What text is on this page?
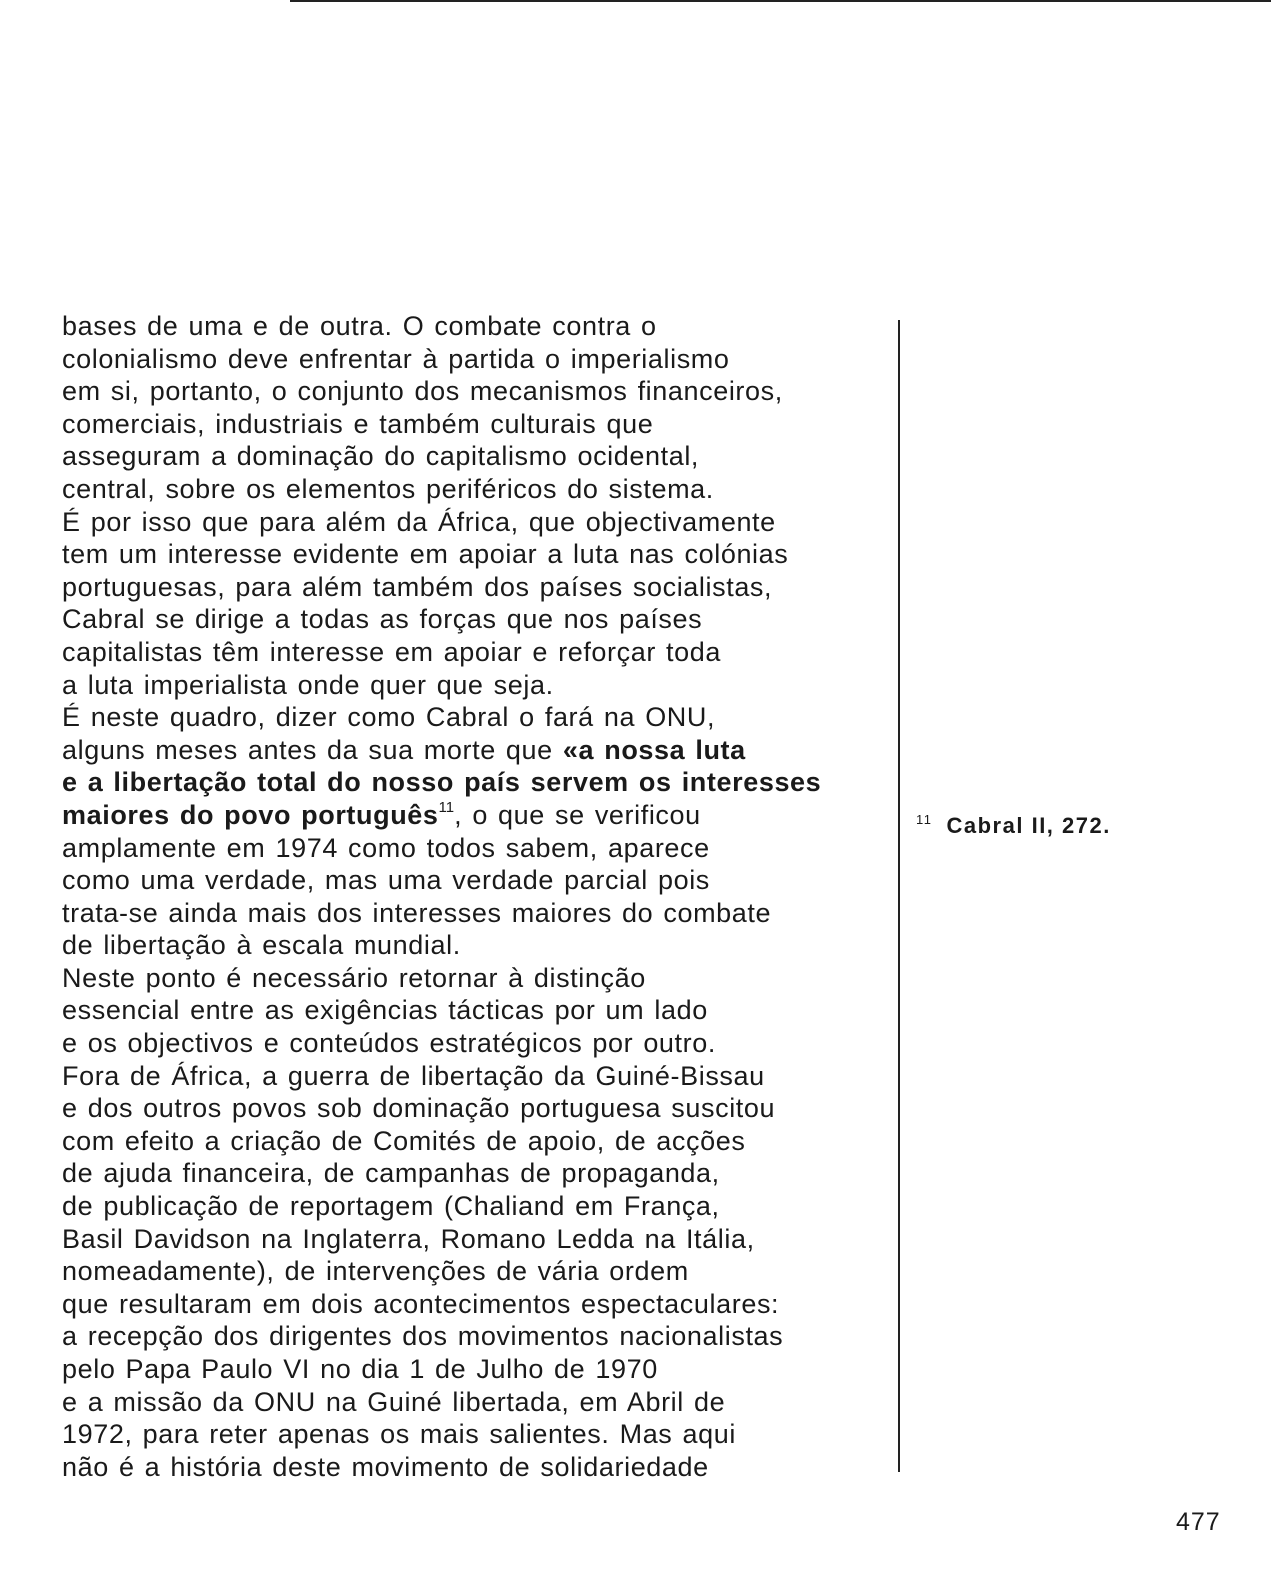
bases de uma e de outra. O combate contra o
colonialismo deve enfrentar à partida o imperialismo
em si, portanto, o conjunto dos mecanismos financeiros,
comerciais, industriais e também culturais que
asseguram a dominação do capitalismo ocidental,
central, sobre os elementos periféricos do sistema.
É por isso que para além da África, que objectivamente
tem um interesse evidente em apoiar a luta nas colónias
portuguesas, para além também dos países socialistas,
Cabral se dirige a todas as forças que nos países
capitalistas têm interesse em apoiar e reforçar toda
a luta imperialista onde quer que seja.
É neste quadro, dizer como Cabral o fará na ONU,
alguns meses antes da sua morte que «a nossa luta
e a libertação total do nosso país servem os interesses
maiores do povo português$^{11}$, o que se verificou
amplamente em 1974 como todos sabem, aparece
como uma verdade, mas uma verdade parcial pois
trata-se ainda mais dos interesses maiores do combate
de libertação à escala mundial.
Neste ponto é necessário retornar à distinção
essencial entre as exigências tácticas por um lado
e os objectivos e conteúdos estratégicos por outro.
Fora de África, a guerra de libertação da Guiné-Bissau
e dos outros povos sob dominação portuguesa suscitou
com efeito a criação de Comités de apoio, de acções
de ajuda financeira, de campanhas de propaganda,
de publicação de reportagem (Chaliand em França,
Basil Davidson na Inglaterra, Romano Ledda na Itália,
nomeadamente), de intervenções de vária ordem
que resultaram em dois acontecimentos espectaculares:
a recepção dos dirigentes dos movimentos nacionalistas
pelo Papa Paulo VI no dia 1 de Julho de 1970
e a missão da ONU na Guiné libertada, em Abril de
1972, para reter apenas os mais salientes. Mas aqui
não é a história deste movimento de solidariedade
$^{11}$ Cabral II, 272.
477
